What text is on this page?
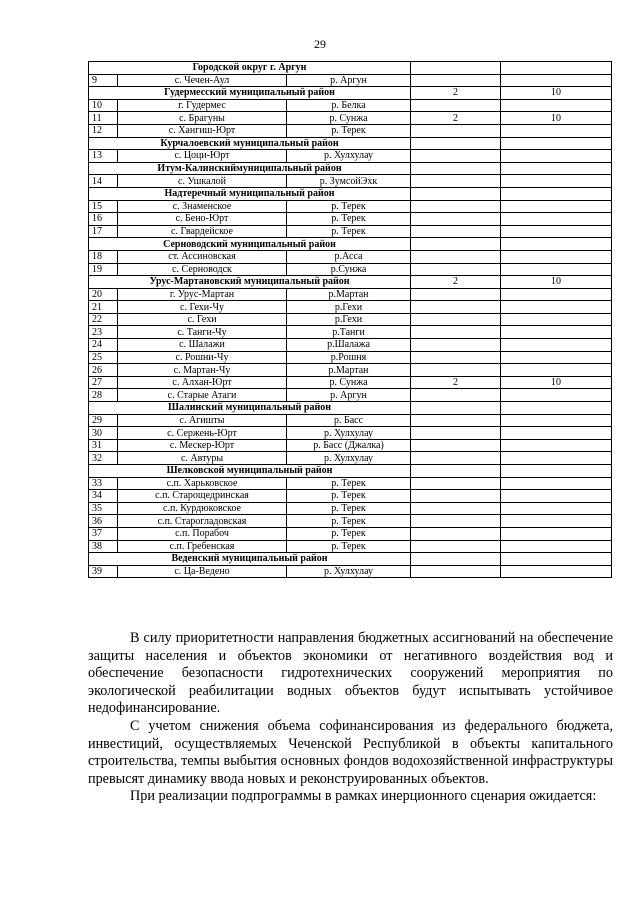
29
Городской округ г. Аргун				
9	с. Чечен-Аул	р. Аргун		
Гудермесский муниципальный район			2	10
10	г. Гудермес	р. Белка		
11	с. Брагуны	р. Сунжа	2	10
12	с. Хангиш-Юрт	р. Терек		
Курчалоевский муниципальный район				
13	с. Цоци-Юрт	р. Хулхулау		
Итум-Калинскиймуниципальный район				
14	с. Ушкалой	р. ЗумсойЭхк		
Надтеречный муниципальный район				
15	с. Знаменское	р. Терек		
16	с. Бено-Юрт	р. Терек		
17	с. Гвардейское	р. Терек		
Серноводский муниципальный район				
18	ст. Ассиновская	р.Асса		
19	с. Серноводск	р.Сунжа		
Урус-Мартановский муниципальный район			2	10
20	г. Урус-Мартан	р.Мартан		
21	с. Гехи-Чу	р.Гехи		
22	с. Гехи	р.Гехи		
23	с. Танги-Чу	р.Танги		
24	с. Шалажи	р.Шалажа		
25	с. Рошни-Чу	р.Рошня		
26	с. Мартан-Чу	р.Мартан		
27	с. Алхан-Юрт	р. Сунжа	2	10
28	с. Старые Атаги	р. Аргун		
Шалинский муниципальный район				
29	с. Агишты	р. Басс		
30	с. Сержень-Юрт	р. Хулхулау		
31	с. Мескер-Юрт	р. Басс (Джалка)		
32	с. Автуры	р. Хулхулау		
Шелковской муниципальный район				
33	с.п. Харьковское	р. Терек		
34	с.п. Старощедринская	р. Терек		
35	с.п. Курдюковское	р. Терек		
36	с.п. Старогладовская	р. Терек		
37	с.п. Порабоч	р. Терек		
38	с.п. Гребенская	р. Терек		
Веденский муниципальный район				
39	с. Ца-Ведено	р. Хулхулау		

В силу приоритетности направления бюджетных ассигнований на обеспечение защиты населения и объектов экономики от негативного воздействия вод и обеспечение безопасности гидротехнических сооружений мероприятия по экологической реабилитации водных объектов будут испытывать устойчивое недофинансирование.

С учетом снижения объема софинансирования из федерального бюджета, инвестиций, осуществляемых Чеченской Республикой в объекты капитального строительства, темпы выбытия основных фондов водохозяйственной инфраструктуры превысят динамику ввода новых и реконструированных объектов.

При реализации подпрограммы в рамках инерционного сценария ожидается:
